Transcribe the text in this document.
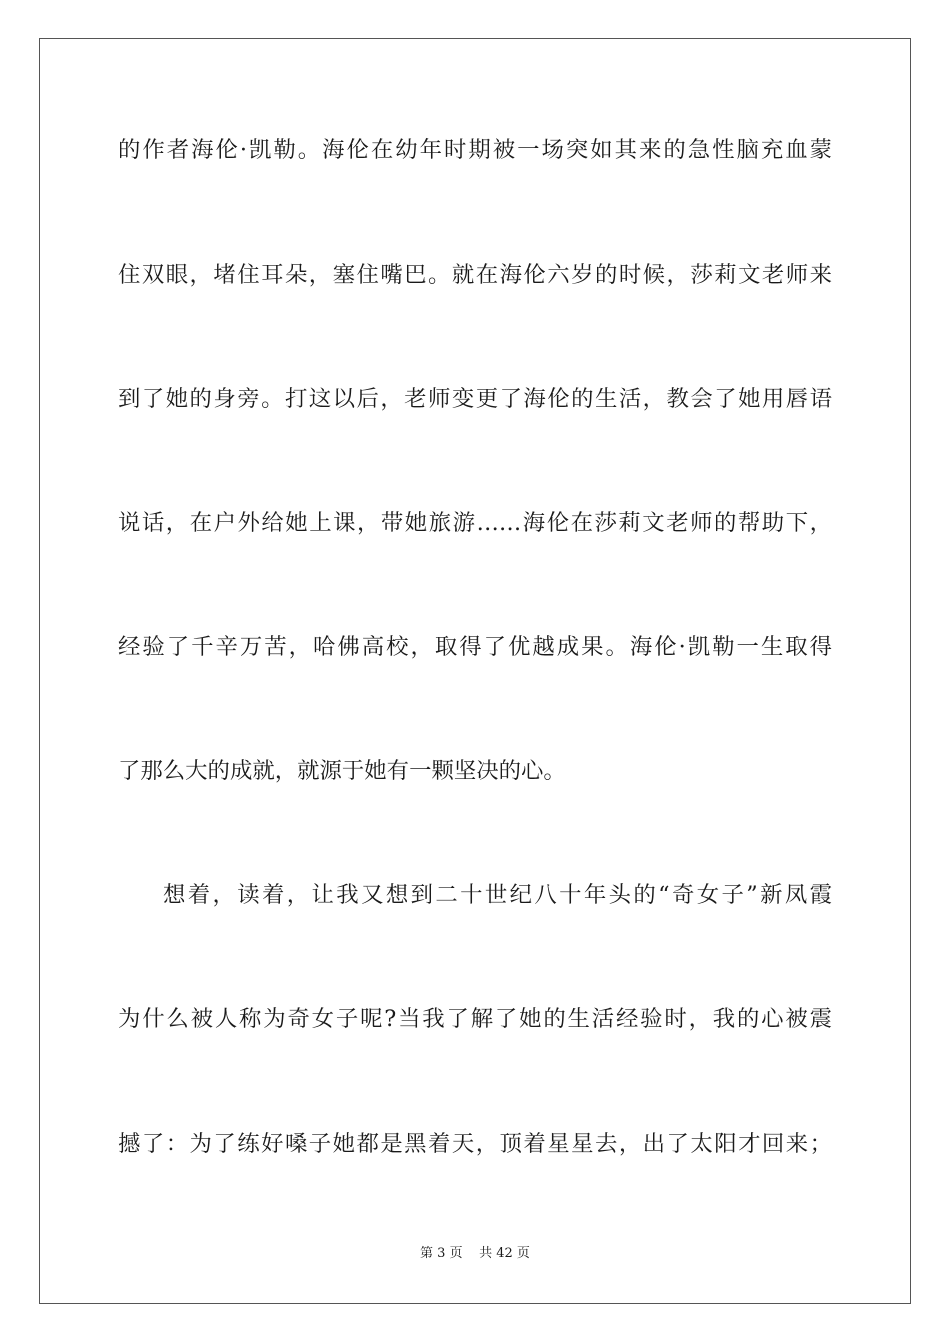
的作者海伦·凯勒。海伦在幼年时期被一场突如其来的急性脑充血蒙
住双眼，堵住耳朵，塞住嘴巴。就在海伦六岁的时候，莎莉文老师来
到了她的身旁。打这以后，老师变更了海伦的生活，教会了她用唇语
说话，在户外给她上课，带她旅游……海伦在莎莉文老师的帮助下，
经验了千辛万苦，哈佛高校，取得了优越成果。海伦·凯勒一生取得
了那么大的成就，就源于她有一颗坚决的心。
想着，读着，让我又想到二十世纪八十年头的“奇女子”新凤霞
为什么被人称为奇女子呢?当我了解了她的生活经验时，我的心被震
撼了：为了练好嗓子她都是黑着天，顶着星星去，出了太阳才回来；
第 3 页 共 42 页
